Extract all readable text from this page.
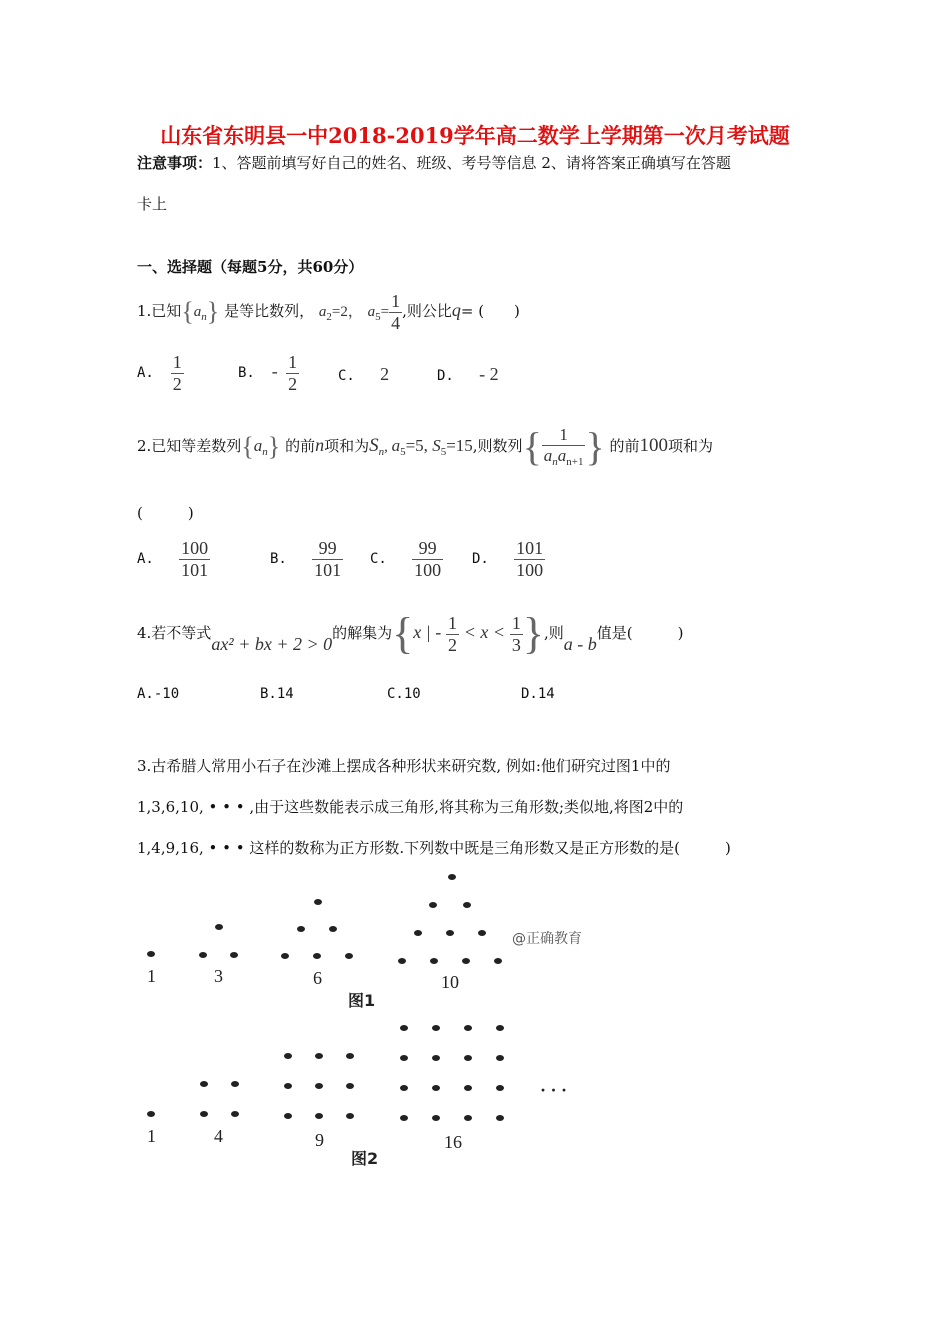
山东省东明县一中2018-2019学年高二数学上学期第一次月考试题
注意事项：1、答题前填写好自己的姓名、班级、考号等信息 2、请将答案正确填写在答题
卡上
一、选择题（每题5分，共60分）
1.已知$\{a_n\}$ 是等比数列， $a_2=2$， $a_5= \frac{1}{4}$ ,则公比q= (　　)
A. $\frac{1}{2}$	B. - $\frac{1}{2}$	C. 2	D. - 2
2.已知等差数列$\{a_n\}$ 的前n项和为$S_n$, $a_5=5$, $S_5=15$,则数列{ $\frac{1}{a_na_{n+1}}$ } 的前100项和为
(　　　)
A. $\frac{100}{101}$	B. $\frac{99}{101} C$. $\frac{99}{100} D$. $\frac{101}{100}$
4.若不等式ax² + bx + 2 > 0的解集为{x | - $\frac{1}{2} < x < \frac{1}{3}$ },则a - b值是(　　　)
A.-10	B.14	C.10	D.14
3.古希腊人常用小石子在沙滩上摆成各种形状来研究数, 例如:他们研究过图1中的
1,3,6,10, • • • ,由于这些数能表示成三角形,将其称为三角形数;类似地,将图2中的
1,4,9,16, • • • 这样的数称为正方形数.下列数中既是三角形数又是正方形数的是(　　　)
1	3	6	10
图1
@正确教育
· · ·
1	4	9	16
图2
